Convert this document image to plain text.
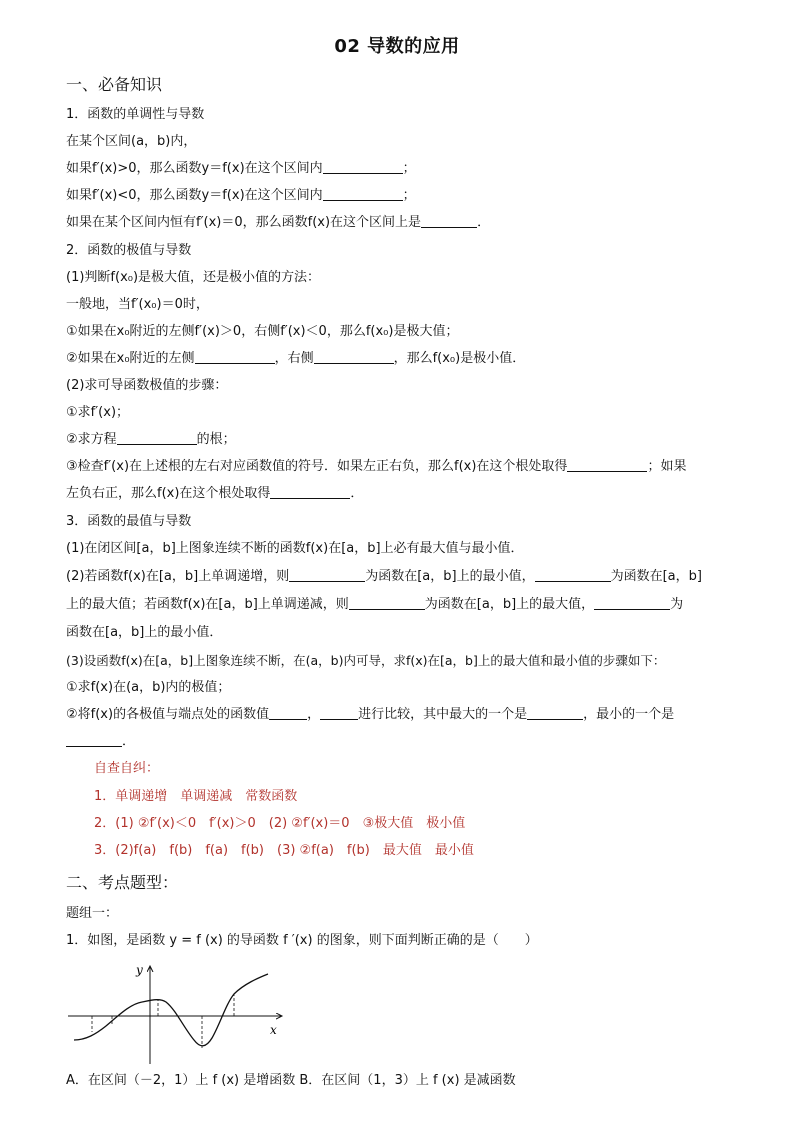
02 导数的应用
一、必备知识
1．函数的单调性与导数
在某个区间(a，b)内，
如果f′(x)>0，那么函数y＝f(x)在这个区间内	；
如果f′(x)<0，那么函数y＝f(x)在这个区间内	；
如果在某个区间内恒有f′(x)＝0，那么函数f(x)在这个区间上是	．
2．函数的极值与导数
(1)判断f(x₀)是极大值，还是极小值的方法：
一般地，当f′(x₀)＝0时，
①如果在x₀附近的左侧f′(x)＞0，右侧f′(x)＜0，那么f(x₀)是极大值；
②如果在x₀附近的左侧	，右侧	，那么f(x₀)是极小值．
(2)求可导函数极值的步骤：
①求f′(x)；
②求方程	的根；
③检查f′(x)在上述根的左右对应函数值的符号．如果左正右负，那么f(x)在这个根处取得	；如果
左负右正，那么f(x)在这个根处取得	．
3．函数的最值与导数
(1)在闭区间[a，b]上图象连续不断的函数f(x)在[a，b]上必有最大值与最小值．
(2)若函数f(x)在[a，b]上单调递增，则	为函数在[a，b]上的最小值，	为函数在[a，b]
上的最大值；若函数f(x)在[a，b]上单调递减，则	为函数在[a，b]上的最大值，	为
函数在[a，b]上的最小值．
(3)设函数f(x)在[a，b]上图象连续不断，在(a，b)内可导，求f(x)在[a，b]上的最大值和最小值的步骤如下：
①求f(x)在(a，b)内的极值；
②将f(x)的各极值与端点处的函数值	，	进行比较，其中最大的一个是	，最小的一个是
．
自查自纠：
1．单调递增　单调递减　常数函数
2．(1) ②f′(x)＜0　f′(x)＞0　(2) ②f′(x)＝0　③极大值　极小值
3．(2)f(a)　f(b)　f(a)　f(b)　(3) ②f(a)　f(b)　最大值　最小值
二、考点题型：
题组一：
1．如图，是函数 y = f (x) 的导函数 f ′(x) 的图象，则下面判断正确的是（　　）
y
x
A．在区间（－2，1）上 f (x) 是增函数 B．在区间（1，3）上 f (x) 是减函数
